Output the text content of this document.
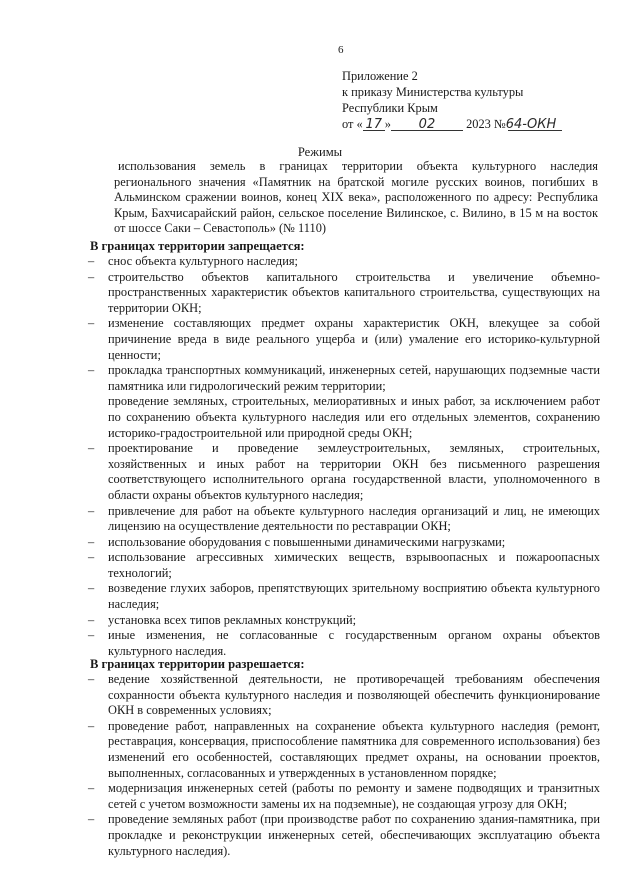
6
Приложение 2
к приказу Министерства культуры
Республики Крым
от « 17 » 02 2023 №
64-ОКН
Режимы
использования земель в границах территории объекта культурного наследия регионального значения «Памятник на братской могиле русских воинов, погибших в Альминском сражении воинов, конец XIX века», расположенного по адресу: Республика Крым, Бахчисарайский район, сельское поселение Вилинское, с. Вилино, в 15 м на восток от шоссе Саки – Севастополь» (№ 1110)
В границах территории запрещается:
– снос объекта культурного наследия;
– строительство объектов капитального строительства и увеличение объемно-пространственных характеристик объектов капитального строительства, существующих на территории ОКН;
– изменение составляющих предмет охраны характеристик ОКН, влекущее за собой причинение вреда в виде реального ущерба и (или) умаление его историко-культурной ценности;
– прокладка транспортных коммуникаций, инженерных сетей, нарушающих подземные части памятника или гидрологический режим территории;
проведение земляных, строительных, мелиоративных и иных работ, за исключением работ по сохранению объекта культурного наследия или его отдельных элементов, сохранению историко-градостроительной или природной среды ОКН;
– проектирование и проведение землеустроительных, земляных, строительных, хозяйственных и иных работ на территории ОКН без письменного разрешения соответствующего исполнительного органа государственной власти, уполномоченного в области охраны объектов культурного наследия;
– привлечение для работ на объекте культурного наследия организаций и лиц, не имеющих лицензию на осуществление деятельности по реставрации ОКН;
– использование оборудования с повышенными динамическими нагрузками;
– использование агрессивных химических веществ, взрывоопасных и пожароопасных технологий;
– возведение глухих заборов, препятствующих зрительному восприятию объекта культурного наследия;
– установка всех типов рекламных конструкций;
– иные изменения, не согласованные с государственным органом охраны объектов культурного наследия.
В границах территории разрешается:
– ведение хозяйственной деятельности, не противоречащей требованиям обеспечения сохранности объекта культурного наследия и позволяющей обеспечить функционирование ОКН в современных условиях;
– проведение работ, направленных на сохранение объекта культурного наследия (ремонт, реставрация, консервация, приспособление памятника для современного использования) без изменений его особенностей, составляющих предмет охраны, на основании проектов, выполненных, согласованных и утвержденных в установленном порядке;
– модернизация инженерных сетей (работы по ремонту и замене подводящих и транзитных сетей с учетом возможности замены их на подземные), не создающая угрозу для ОКН;
– проведение земляных работ (при производстве работ по сохранению здания-памятника, при прокладке и реконструкции инженерных сетей, обеспечивающих эксплуатацию объекта культурного наследия).
